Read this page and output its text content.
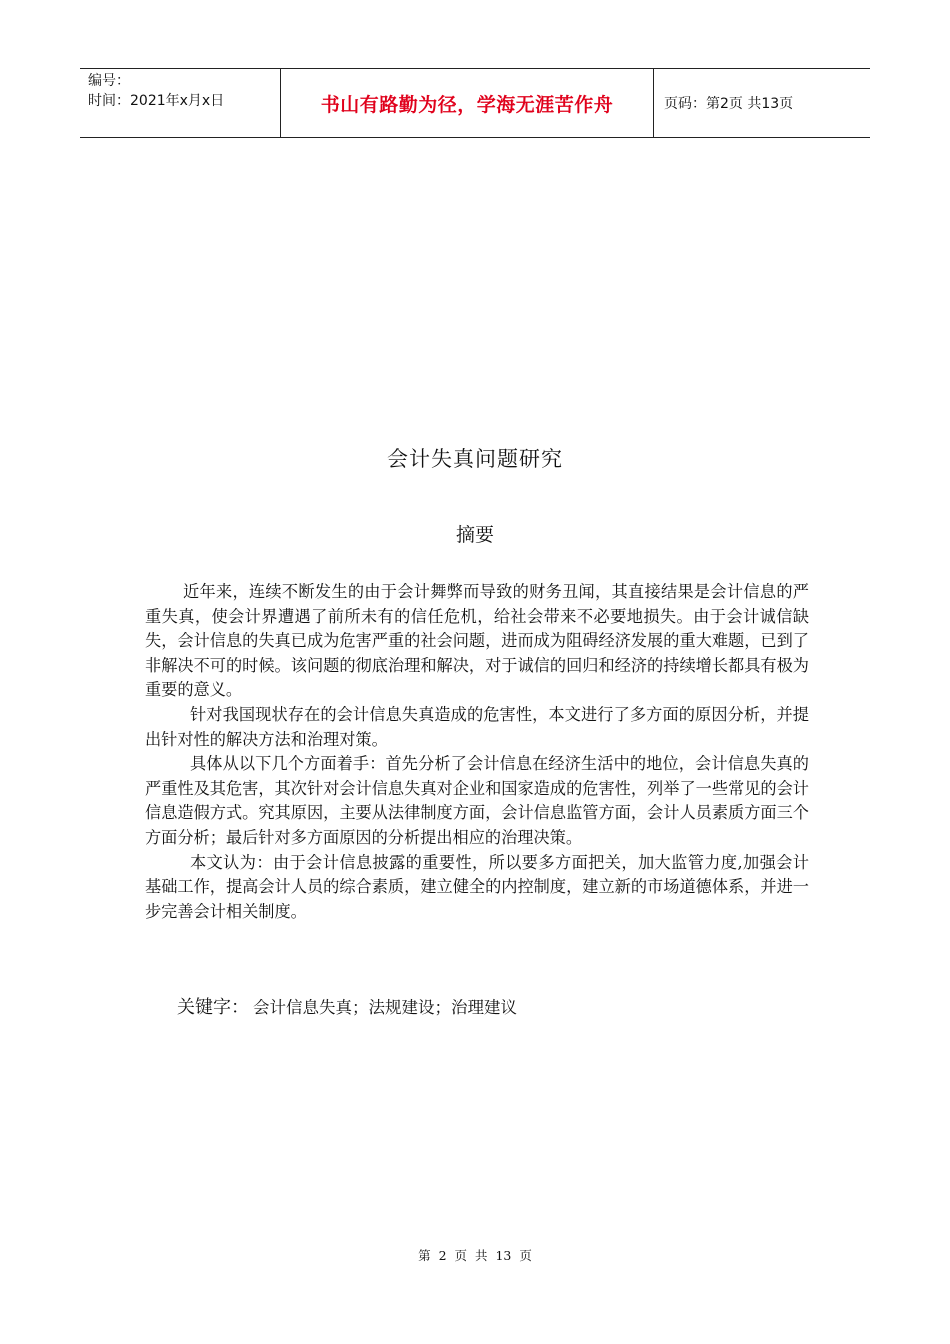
编号：
时间：2021年x月x日	书山有路勤为径，学海无涯苦作舟	页码：第2页 共13页
会计失真问题研究
摘要

近年来，连续不断发生的由于会计舞弊而导致的财务丑闻，其直接结果是会计信息的严重失真，使会计界遭遇了前所未有的信任危机，给社会带来不必要地损失。由于会计诚信缺失，会计信息的失真已成为危害严重的社会问题，进而成为阻碍经济发展的重大难题，已到了非解决不可的时候。该问题的彻底治理和解决，对于诚信的回归和经济的持续增长都具有极为重要的意义。

针对我国现状存在的会计信息失真造成的危害性，本文进行了多方面的原因分析，并提出针对性的解决方法和治理对策。

具体从以下几个方面着手：首先分析了会计信息在经济生活中的地位，会计信息失真的严重性及其危害，其次针对会计信息失真对企业和国家造成的危害性，列举了一些常见的会计信息造假方式。究其原因，主要从法律制度方面，会计信息监管方面，会计人员素质方面三个方面分析；最后针对多方面原因的分析提出相应的治理决策。

本文认为：由于会计信息披露的重要性，所以要多方面把关，加大监管力度,加强会计基础工作，提高会计人员的综合素质，建立健全的内控制度，建立新的市场道德体系，并进一步完善会计相关制度。

关键字： 会计信息失真；法规建设；治理建议
第 2 页 共 13 页
